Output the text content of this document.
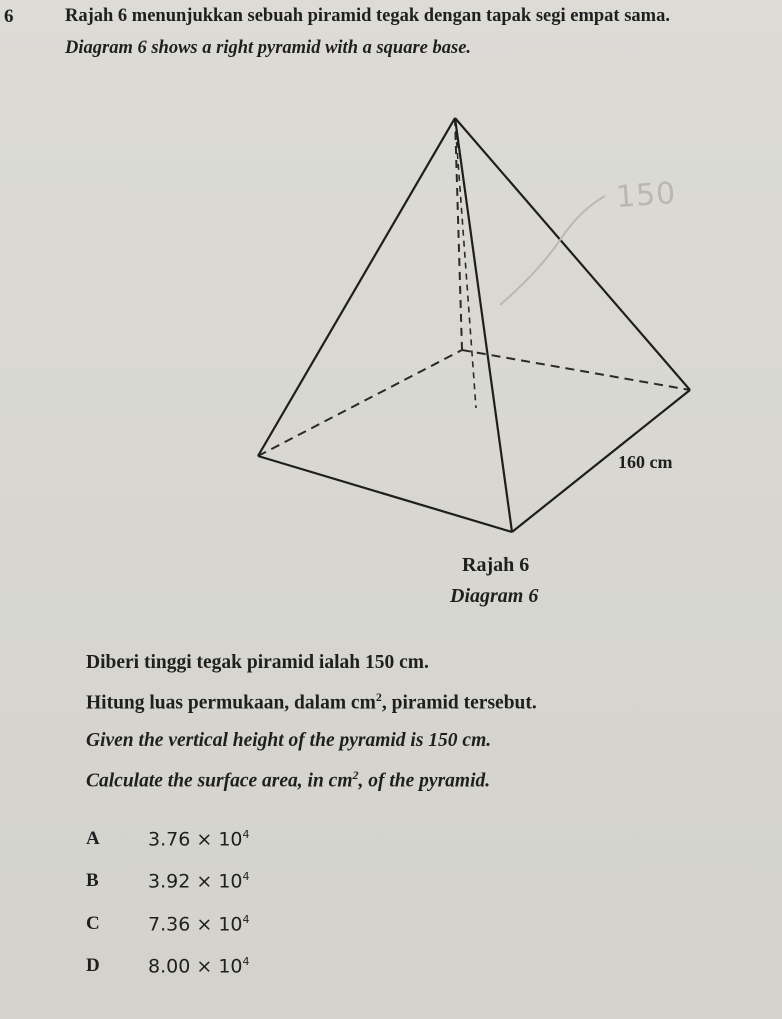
6	Rajah 6 menunjukkan sebuah piramid tegak dengan tapak segi empat sama.
Diagram 6 shows a right pyramid with a square base.
150
160 cm
Rajah 6
Diagram 6
Diberi tinggi tegak piramid ialah 150 cm.
Hitung luas permukaan, dalam $cm^2$, piramid tersebut.
Given the vertical height of the pyramid is 150 cm.
Calculate the surface area, in $cm^2$, of the pyramid.
A	$3.76 \times 10^4$
B	$3.92 \times 10^4$
C	$7.36 \times 10^4$
D	$8.00 \times 10^4$
